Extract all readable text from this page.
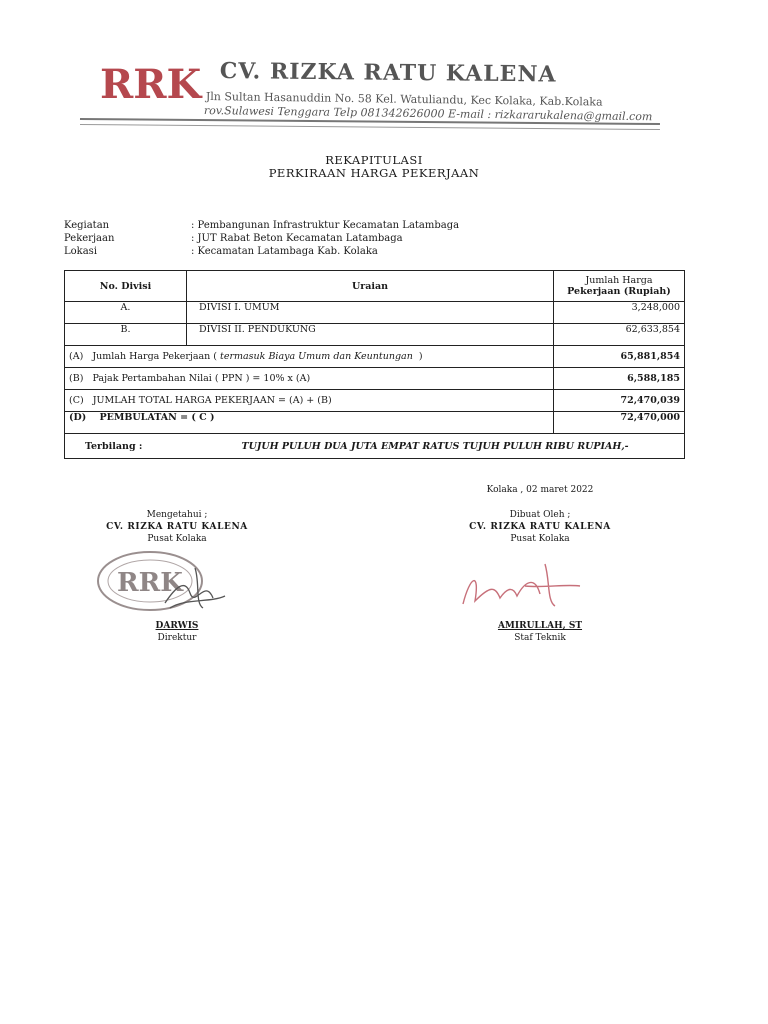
RRK CV. RIZKA RATU KALENA
Jln Sultan Hasanuddin No. 58 Kel. Watuliandu, Kec Kolaka, Kab.Kolaka
rov.Sulawesi Tenggara Telp 081342626000 E-mail : rizkararukalena@gmail.com
REKAPITULASI
PERKIRAAN HARGA PEKERJAAN
Kegiatan	: Pembangunan Infrastruktur Kecamatan Latambaga
Pekerjaan	: JUT Rabat Beton Kecamatan Latambaga
Lokasi	: Kecamatan Latambaga Kab. Kolaka
No. Divisi	Uraian	Jumlah Harga
Pekerjaan (Rupiah)
A.	DIVISI I. UMUM	3,248,000
B.	DIVISI II. PENDUKUNG	62,633,854
(A)   Jumlah Harga Pekerjaan ( termasuk Biaya Umum dan Keuntungan  )		65,881,854
(B)   Pajak Pertambahan Nilai ( PPN ) = 10% x (A)		6,588,185
(C)   JUMLAH TOTAL HARGA PEKERJAAN = (A) + (B)		72,470,039
(D)    PEMBULATAN = ( C )		72,470,000
Terbilang :	TUJUH PULUH DUA JUTA EMPAT RATUS TUJUH PULUH RIBU RUPIAH,-	
Kolaka , 02 maret 2022
Mengetahui ;
CV. RIZKA RATU KALENA
Pusat Kolaka
Dibuat Oleh ;
CV. RIZKA RATU KALENA
Pusat Kolaka
RRK
DARWIS
Direktur
AMIRULLAH, ST
Staf Teknik
